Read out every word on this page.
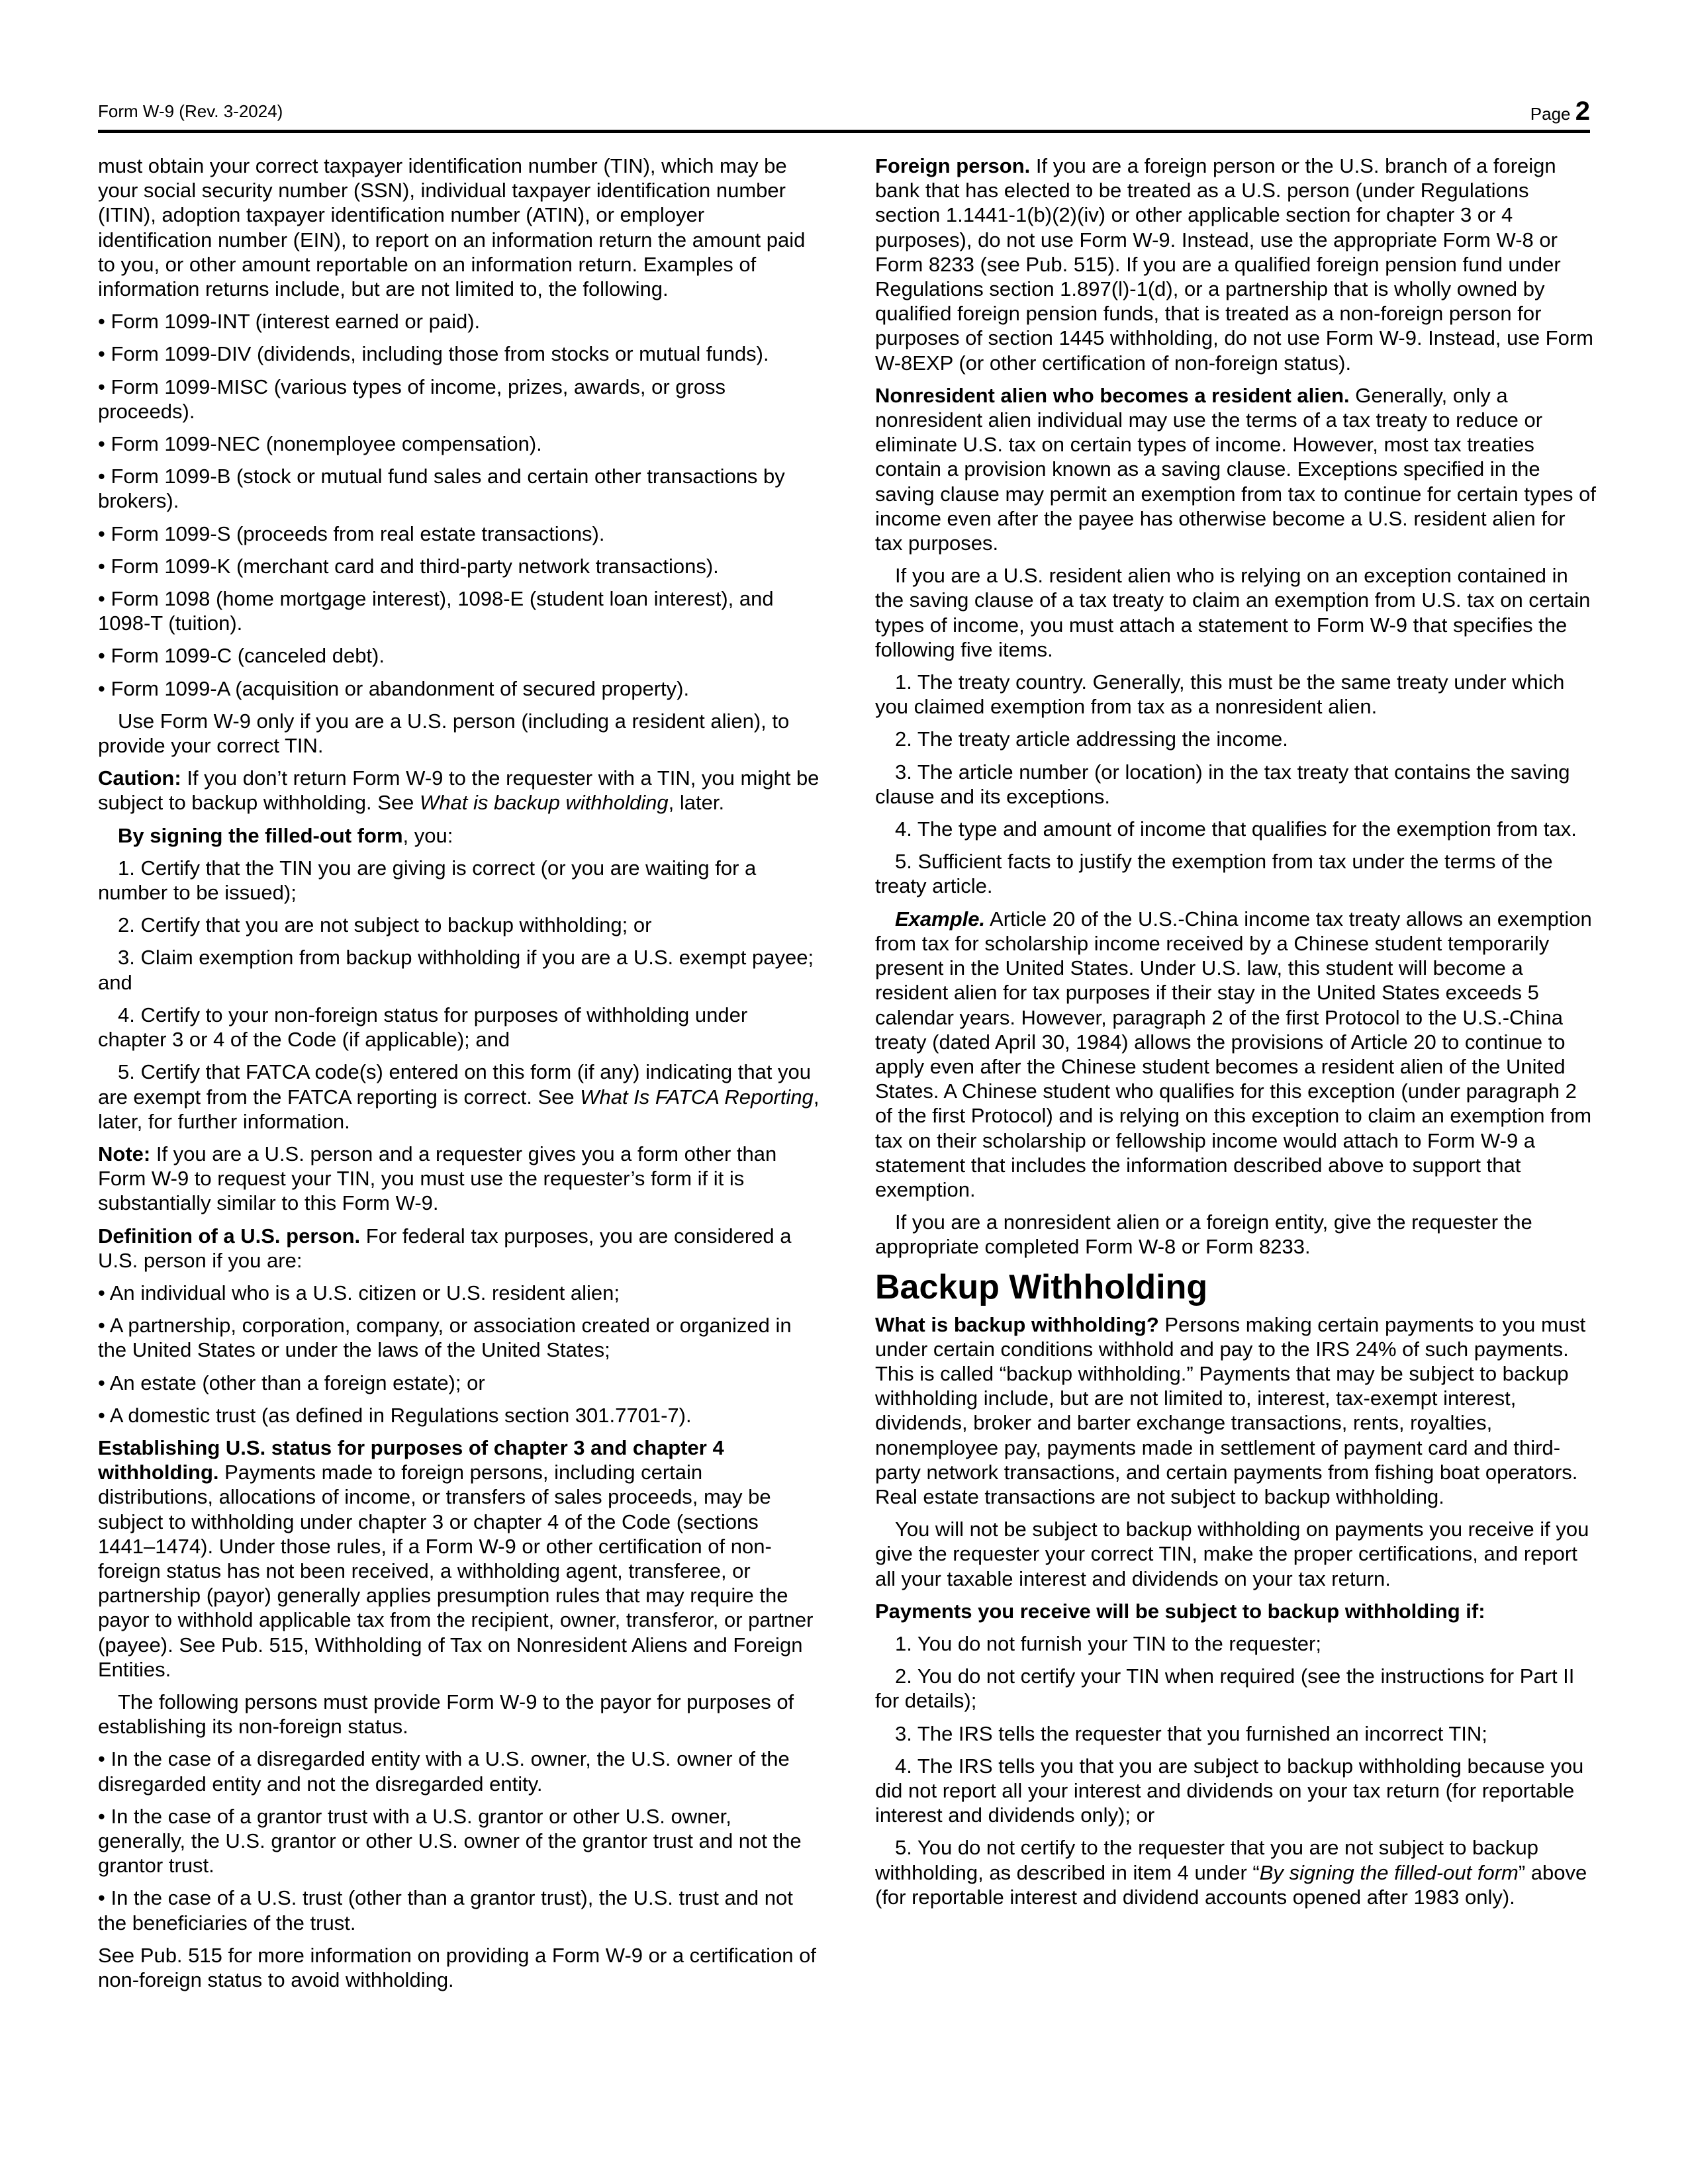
Form W-9 (Rev. 3-2024)	Page 2

must obtain your correct taxpayer identification number (TIN), which may be your social security number (SSN), individual taxpayer identification number (ITIN), adoption taxpayer identification number (ATIN), or employer identification number (EIN), to report on an information return the amount paid to you, or other amount reportable on an information return. Examples of information returns include, but are not limited to, the following.

• Form 1099-INT (interest earned or paid).

• Form 1099-DIV (dividends, including those from stocks or mutual funds).

• Form 1099-MISC (various types of income, prizes, awards, or gross proceeds).

• Form 1099-NEC (nonemployee compensation).

• Form 1099-B (stock or mutual fund sales and certain other transactions by brokers).

• Form 1099-S (proceeds from real estate transactions).

• Form 1099-K (merchant card and third-party network transactions).

• Form 1098 (home mortgage interest), 1098-E (student loan interest), and 1098-T (tuition).

• Form 1099-C (canceled debt).

• Form 1099-A (acquisition or abandonment of secured property).

Use Form W-9 only if you are a U.S. person (including a resident alien), to provide your correct TIN.

Caution: If you don’t return Form W-9 to the requester with a TIN, you might be subject to backup withholding. See What is backup withholding, later.

By signing the filled-out form, you:

1. Certify that the TIN you are giving is correct (or you are waiting for a number to be issued);

2. Certify that you are not subject to backup withholding; or

3. Claim exemption from backup withholding if you are a U.S. exempt payee; and

4. Certify to your non-foreign status for purposes of withholding under chapter 3 or 4 of the Code (if applicable); and

5. Certify that FATCA code(s) entered on this form (if any) indicating that you are exempt from the FATCA reporting is correct. See What Is FATCA Reporting, later, for further information.

Note: If you are a U.S. person and a requester gives you a form other than Form W-9 to request your TIN, you must use the requester’s form if it is substantially similar to this Form W-9.

Definition of a U.S. person. For federal tax purposes, you are considered a U.S. person if you are:

• An individual who is a U.S. citizen or U.S. resident alien;

• A partnership, corporation, company, or association created or organized in the United States or under the laws of the United States;

• An estate (other than a foreign estate); or

• A domestic trust (as defined in Regulations section 301.7701-7).

Establishing U.S. status for purposes of chapter 3 and chapter 4 withholding. Payments made to foreign persons, including certain distributions, allocations of income, or transfers of sales proceeds, may be subject to withholding under chapter 3 or chapter 4 of the Code (sections 1441–1474). Under those rules, if a Form W-9 or other certification of non-foreign status has not been received, a withholding agent, transferee, or partnership (payor) generally applies presumption rules that may require the payor to withhold applicable tax from the recipient, owner, transferor, or partner (payee). See Pub. 515, Withholding of Tax on Nonresident Aliens and Foreign Entities.

The following persons must provide Form W-9 to the payor for purposes of establishing its non-foreign status.

• In the case of a disregarded entity with a U.S. owner, the U.S. owner of the disregarded entity and not the disregarded entity.

• In the case of a grantor trust with a U.S. grantor or other U.S. owner, generally, the U.S. grantor or other U.S. owner of the grantor trust and not the grantor trust.

• In the case of a U.S. trust (other than a grantor trust), the U.S. trust and not the beneficiaries of the trust.

See Pub. 515 for more information on providing a Form W-9 or a certification of non-foreign status to avoid withholding.

Foreign person. If you are a foreign person or the U.S. branch of a foreign bank that has elected to be treated as a U.S. person (under Regulations section 1.1441-1(b)(2)(iv) or other applicable section for chapter 3 or 4 purposes), do not use Form W-9. Instead, use the appropriate Form W-8 or Form 8233 (see Pub. 515). If you are a qualified foreign pension fund under Regulations section 1.897(l)-1(d), or a partnership that is wholly owned by qualified foreign pension funds, that is treated as a non-foreign person for purposes of section 1445 withholding, do not use Form W-9. Instead, use Form W-8EXP (or other certification of non-foreign status).

Nonresident alien who becomes a resident alien. Generally, only a nonresident alien individual may use the terms of a tax treaty to reduce or eliminate U.S. tax on certain types of income. However, most tax treaties contain a provision known as a saving clause. Exceptions specified in the saving clause may permit an exemption from tax to continue for certain types of income even after the payee has otherwise become a U.S. resident alien for tax purposes.

If you are a U.S. resident alien who is relying on an exception contained in the saving clause of a tax treaty to claim an exemption from U.S. tax on certain types of income, you must attach a statement to Form W-9 that specifies the following five items.

1. The treaty country. Generally, this must be the same treaty under which you claimed exemption from tax as a nonresident alien.

2. The treaty article addressing the income.

3. The article number (or location) in the tax treaty that contains the saving clause and its exceptions.

4. The type and amount of income that qualifies for the exemption from tax.

5. Sufficient facts to justify the exemption from tax under the terms of the treaty article.

Example. Article 20 of the U.S.-China income tax treaty allows an exemption from tax for scholarship income received by a Chinese student temporarily present in the United States. Under U.S. law, this student will become a resident alien for tax purposes if their stay in the United States exceeds 5 calendar years. However, paragraph 2 of the first Protocol to the U.S.-China treaty (dated April 30, 1984) allows the provisions of Article 20 to continue to apply even after the Chinese student becomes a resident alien of the United States. A Chinese student who qualifies for this exception (under paragraph 2 of the first Protocol) and is relying on this exception to claim an exemption from tax on their scholarship or fellowship income would attach to Form W-9 a statement that includes the information described above to support that exemption.

If you are a nonresident alien or a foreign entity, give the requester the appropriate completed Form W-8 or Form 8233.

Backup Withholding

What is backup withholding? Persons making certain payments to you must under certain conditions withhold and pay to the IRS 24% of such payments. This is called “backup withholding.” Payments that may be subject to backup withholding include, but are not limited to, interest, tax-exempt interest, dividends, broker and barter exchange transactions, rents, royalties, nonemployee pay, payments made in settlement of payment card and third-party network transactions, and certain payments from fishing boat operators. Real estate transactions are not subject to backup withholding.

You will not be subject to backup withholding on payments you receive if you give the requester your correct TIN, make the proper certifications, and report all your taxable interest and dividends on your tax return.

Payments you receive will be subject to backup withholding if:

1. You do not furnish your TIN to the requester;

2. You do not certify your TIN when required (see the instructions for Part II for details);

3. The IRS tells the requester that you furnished an incorrect TIN;

4. The IRS tells you that you are subject to backup withholding because you did not report all your interest and dividends on your tax return (for reportable interest and dividends only); or

5. You do not certify to the requester that you are not subject to backup withholding, as described in item 4 under “By signing the filled-out form” above (for reportable interest and dividend accounts opened after 1983 only).
